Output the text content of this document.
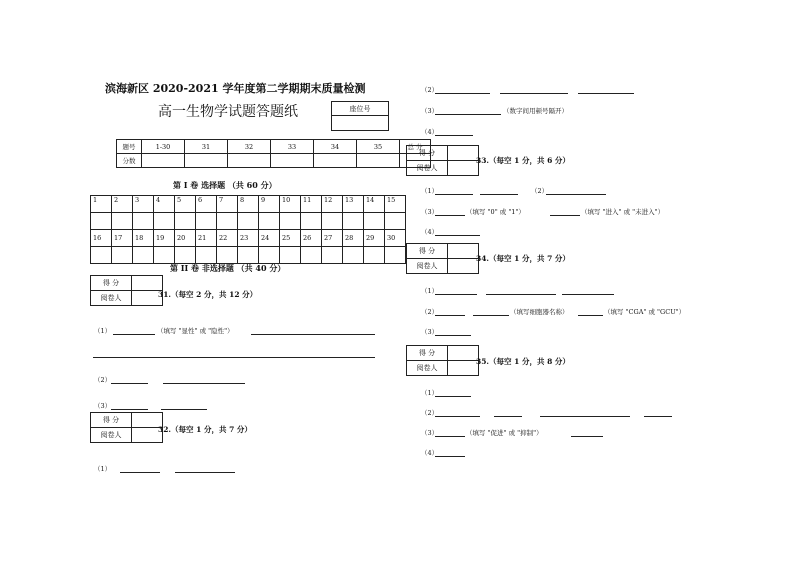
滨海新区 2020-2021 学年度第二学期期末质量检测
高一生物学试题答题纸	座位号

题号	1-30	31	32	33	34	35	总 分
分数							
第 I 卷 选择题 （共 60 分）
1	2	3	4	5	6	7	8	9	10	11	12	13	14	15

16	17	18	19	20	21	22	23	24	25	26	27	28	29	30

第 II 卷 非选择题 （共 40 分）
得 分	
阅卷人		31.（每空 2 分，共 12 分）
（1）	（填写 "显性" 或 "隐性"）
（2）
（3）
得 分	
阅卷人	
32.（每空 1 分，共 7 分）
（1）
（2）
（3）	（数字间用顿号隔开）
（4）
得 分	
阅卷人	
33.（每空 1 分，共 6 分）
（1）	（2）
（3）	（填写 "0" 或 "1"）	（填写 "进入" 或 "未进入"）
（4）
得 分	
阅卷人	
34.（每空 1 分，共 7 分）
（1）
（2）	（填写细胞器名称）	（填写 "CGA" 或 "GCU"）
（3）
得 分	
阅卷人	
35.（每空 1 分，共 8 分）
（1）
（2）
（3）	（填写 "促进" 或 "抑制"）
（4）
